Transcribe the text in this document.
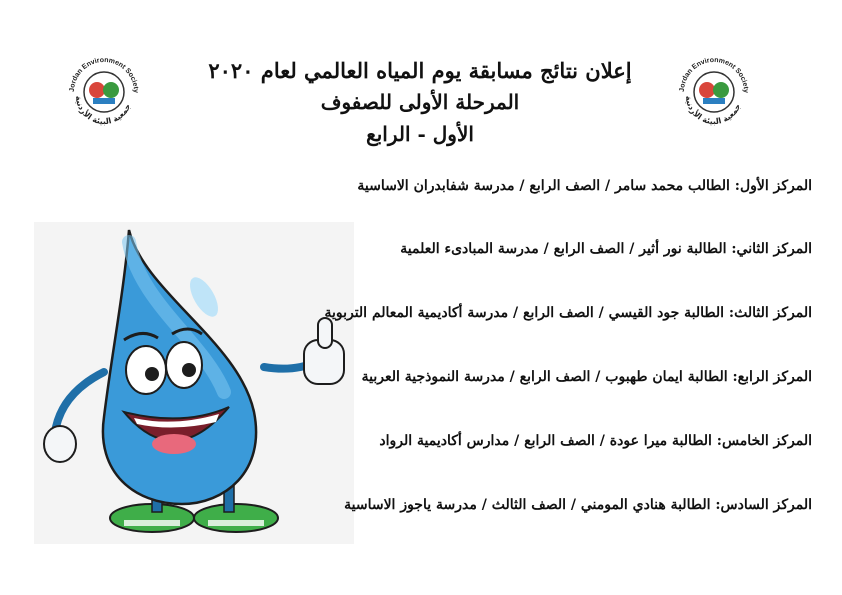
Jordan Environment Society
جمعية البيئة الأردنية
Jordan Environment Society
جمعية البيئة الأردنية
إعلان نتائج مسابقة يوم المياه العالمي لعام ٢٠٢٠
المرحلة الأولى للصفوف
الأول - الرابع
المركز الأول: الطالب محمد سامر / الصف الرابع / مدرسة شفابدران الاساسية
المركز الثاني: الطالبة نور أثير / الصف الرابع / مدرسة المبادىء العلمية
المركز الثالث: الطالبة جود القيسي / الصف الرابع / مدرسة أكاديمية المعالم التربوية
المركز الرابع: الطالبة ايمان طهبوب / الصف الرابع / مدرسة النموذجية العربية
المركز الخامس: الطالبة ميرا عودة / الصف الرابع / مدارس أكاديمية الرواد
المركز السادس: الطالبة هنادي المومني / الصف الثالث / مدرسة ياجوز الاساسية
